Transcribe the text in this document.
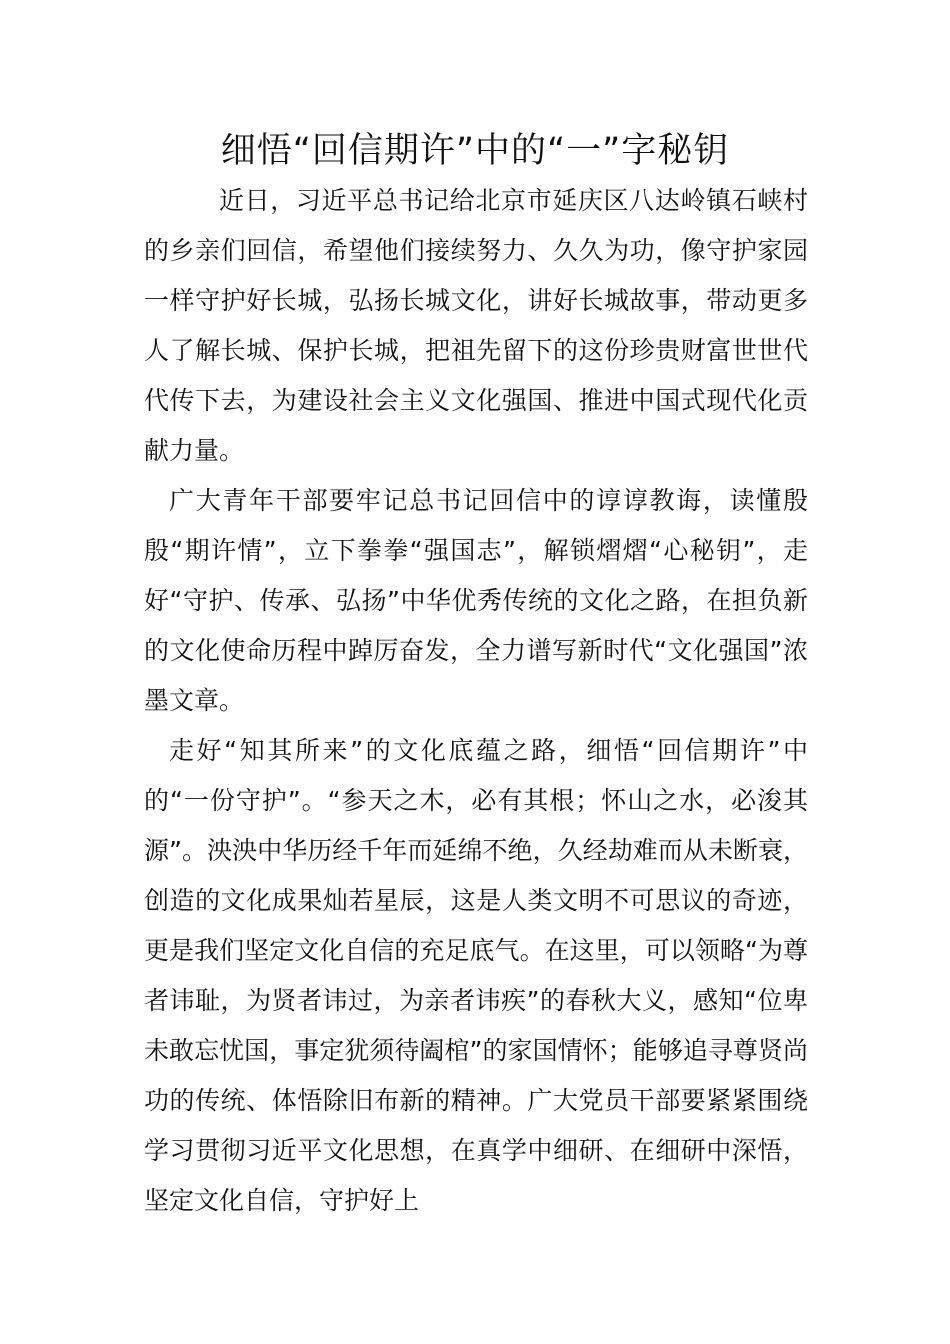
细悟“回信期许”中的“一”字秘钥

近日，习近平总书记给北京市延庆区八达岭镇石峡村的乡亲们回信，希望他们接续努力、久久为功，像守护家园一样守护好长城，弘扬长城文化，讲好长城故事，带动更多人了解长城、保护长城，把祖先留下的这份珍贵财富世世代代传下去，为建设社会主义文化强国、推进中国式现代化贡献力量。

广大青年干部要牢记总书记回信中的谆谆教诲，读懂殷殷“期许情”，立下拳拳“强国志”，解锁熠熠“心秘钥”，走好“守护、传承、弘扬”中华优秀传统的文化之路，在担负新的文化使命历程中踔厉奋发，全力谱写新时代“文化强国”浓墨文章。

走好“知其所来”的文化底蕴之路，细悟“回信期许”中的“一份守护”。“参天之木，必有其根；怀山之水，必浚其源”。泱泱中华历经千年而延绵不绝，久经劫难而从未断衰，创造的文化成果灿若星辰，这是人类文明不可思议的奇迹，更是我们坚定文化自信的充足底气。在这里，可以领略“为尊者讳耻，为贤者讳过，为亲者讳疾”的春秋大义，感知“位卑未敢忘忧国，事定犹须待阖棺”的家国情怀；能够追寻尊贤尚功的传统、体悟除旧布新的精神。广大党员干部要紧紧围绕学习贯彻习近平文化思想，在真学中细研、在细研中深悟，坚定文化自信，守护好上
